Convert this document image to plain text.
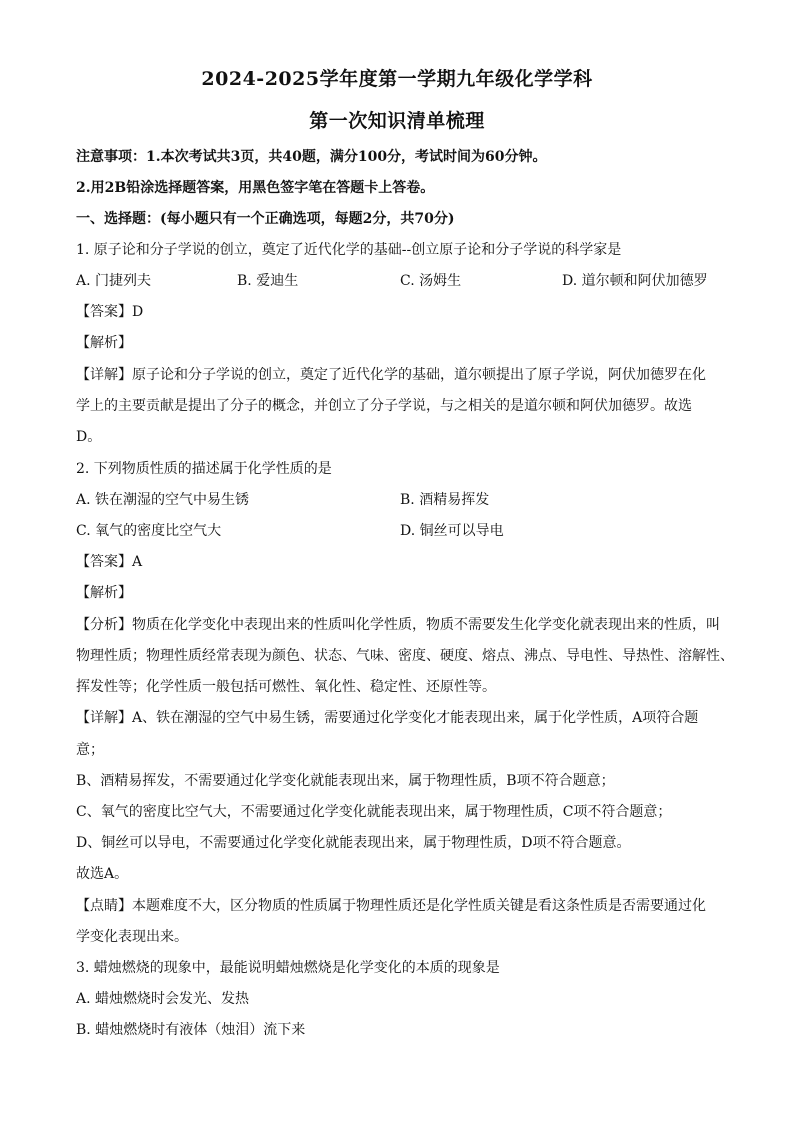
2024-2025学年度第一学期九年级化学学科
第一次知识清单梳理
注意事项：1.本次考试共3页，共40题，满分100分，考试时间为60分钟。
2.用2B铅涂选择题答案，用黑色签字笔在答题卡上答卷。
一、选择题：(每小题只有一个正确选项，每题2分，共70分)
1. 原子论和分子学说的创立，奠定了近代化学的基础--创立原子论和分子学说的科学家是
A. 门捷列夫	B. 爱迪生	C. 汤姆生	D. 道尔顿和阿伏加德罗
【答案】D
【解析】
【详解】原子论和分子学说的创立，奠定了近代化学的基础，道尔顿提出了原子学说，阿伏加德罗在化
学上的主要贡献是提出了分子的概念，并创立了分子学说，与之相关的是道尔顿和阿伏加德罗。故选
D。
2. 下列物质性质的描述属于化学性质的是
A. 铁在潮湿的空气中易生锈	B. 酒精易挥发
C. 氧气的密度比空气大	D. 铜丝可以导电
【答案】A
【解析】
【分析】物质在化学变化中表现出来的性质叫化学性质，物质不需要发生化学变化就表现出来的性质，叫
物理性质；物理性质经常表现为颜色、状态、气味、密度、硬度、熔点、沸点、导电性、导热性、溶解性、
挥发性等；化学性质一般包括可燃性、氧化性、稳定性、还原性等。
【详解】A、铁在潮湿的空气中易生锈，需要通过化学变化才能表现出来，属于化学性质，A项符合题
意；
B、酒精易挥发，不需要通过化学变化就能表现出来，属于物理性质，B项不符合题意；
C、氧气的密度比空气大，不需要通过化学变化就能表现出来，属于物理性质，C项不符合题意；
D、铜丝可以导电，不需要通过化学变化就能表现出来，属于物理性质，D项不符合题意。
故选A。
【点睛】本题难度不大，区分物质的性质属于物理性质还是化学性质关键是看这条性质是否需要通过化
学变化表现出来。
3. 蜡烛燃烧的现象中，最能说明蜡烛燃烧是化学变化的本质的现象是
A. 蜡烛燃烧时会发光、发热
B. 蜡烛燃烧时有液体（烛泪）流下来
